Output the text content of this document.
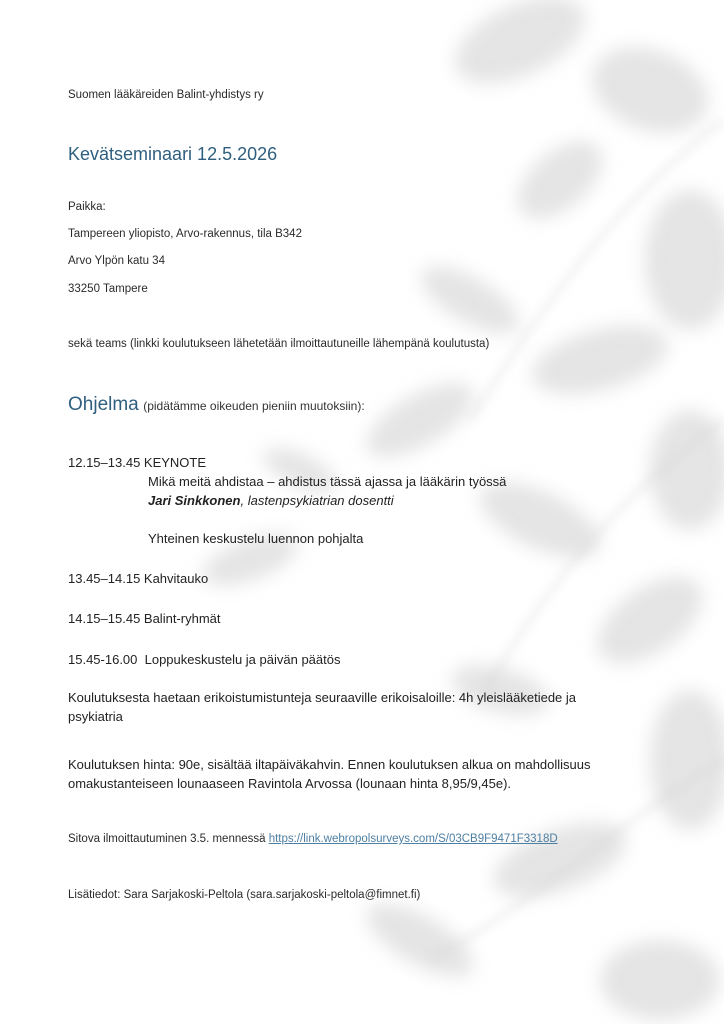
Suomen lääkäreiden Balint-yhdistys ry
Kevätseminaari 12.5.2026
Paikka:
Tampereen yliopisto, Arvo-rakennus, tila B342
Arvo Ylpön katu 34
33250 Tampere
sekä teams (linkki koulutukseen lähetetään ilmoittautuneille lähempänä koulutusta)
Ohjelma (pidätämme oikeuden pieniin muutoksiin):
12.15–13.45 KEYNOTE
Mikä meitä ahdistaa – ahdistus tässä ajassa ja lääkärin työssä
Jari Sinkkonen, lastenpsykiatrian dosentti
Yhteinen keskustelu luennon pohjalta
13.45–14.15 Kahvitauko
14.15–15.45 Balint-ryhmät
15.45-16.00  Loppukeskustelu ja päivän päätös
Koulutuksesta haetaan erikoistumistunteja seuraaville erikoisaloille: 4h yleislääketiede ja
psykiatria
Koulutuksen hinta: 90e, sisältää iltapäiväkahvin. Ennen koulutuksen alkua on mahdollisuus
omakustanteiseen lounaaseen Ravintola Arvossa (lounaan hinta 8,95/9,45e).
Sitova ilmoittautuminen 3.5. mennessä https://link.webropolsurveys.com/S/03CB9F9471F3318D
Lisätiedot: Sara Sarjakoski-Peltola (sara.sarjakoski-peltola@fimnet.fi)
